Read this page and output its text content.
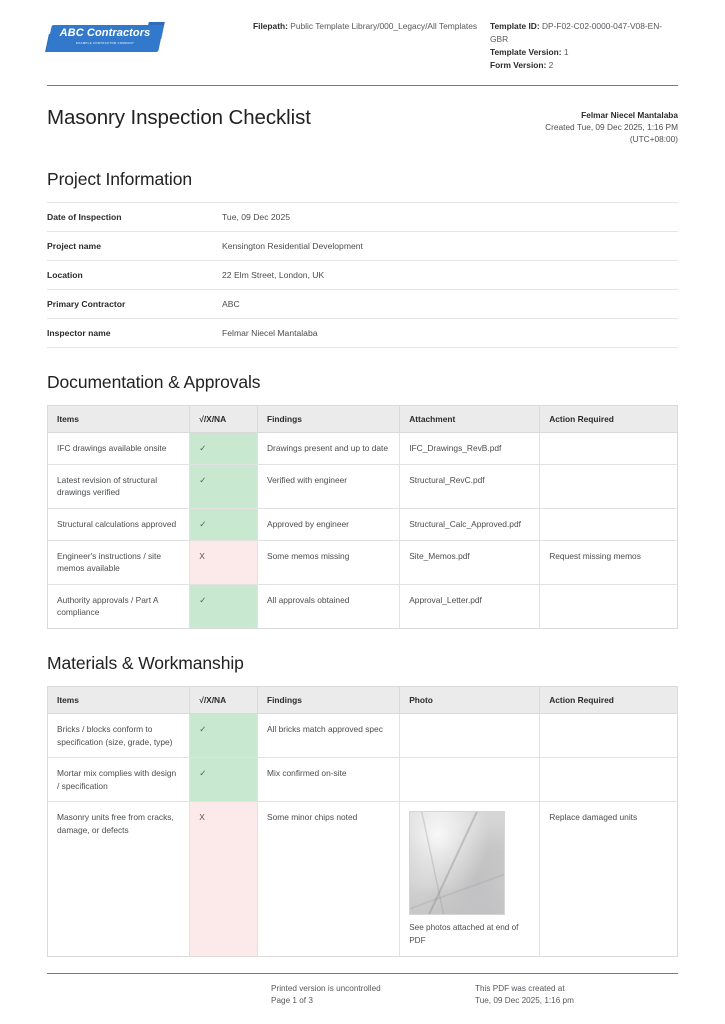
ABC Contractors
EXAMPLE CONTRACTOR COMPANY
Filepath: Public Template Library/000_Legacy/All Templates Template ID: DP-F02-C02-0000-047-V08-EN-GBR
Template Version: 1
Form Version: 2
Masonry Inspection Checklist	Felmar Niecel Mantalaba
Created Tue, 09 Dec 2025, 1:16 PM
(UTC+08:00)
Project Information
Date of Inspection	Tue, 09 Dec 2025
Project name	Kensington Residential Development
Location	22 Elm Street, London, UK
Primary Contractor	ABC
Inspector name	Felmar Niecel Mantalaba
Documentation & Approvals
Items	√/X/NA	Findings	Attachment	Action Required
IFC drawings available onsite	✓	Drawings present and up to date	IFC_Drawings_RevB.pdf	
Latest revision of structural drawings verified	✓	Verified with engineer	Structural_RevC.pdf	
Structural calculations approved	✓	Approved by engineer	Structural_Calc_Approved.pdf	
Engineer's instructions / site memos available	X	Some memos missing	Site_Memos.pdf	Request missing memos
Authority approvals / Part A compliance	✓	All approvals obtained	Approval_Letter.pdf	
Materials & Workmanship
Items	√/X/NA	Findings	Photo	Action Required
Bricks / blocks conform to specification (size, grade, type)	✓	All bricks match approved spec		
Mortar mix complies with design / specification	✓	Mix confirmed on-site		
Masonry units free from cracks, damage, or defects	X	Some minor chips noted	See photos attached at end of PDF	Replace damaged units
Printed version is uncontrolled
Page 1 of 3
This PDF was created at
Tue, 09 Dec 2025, 1:16 pm
